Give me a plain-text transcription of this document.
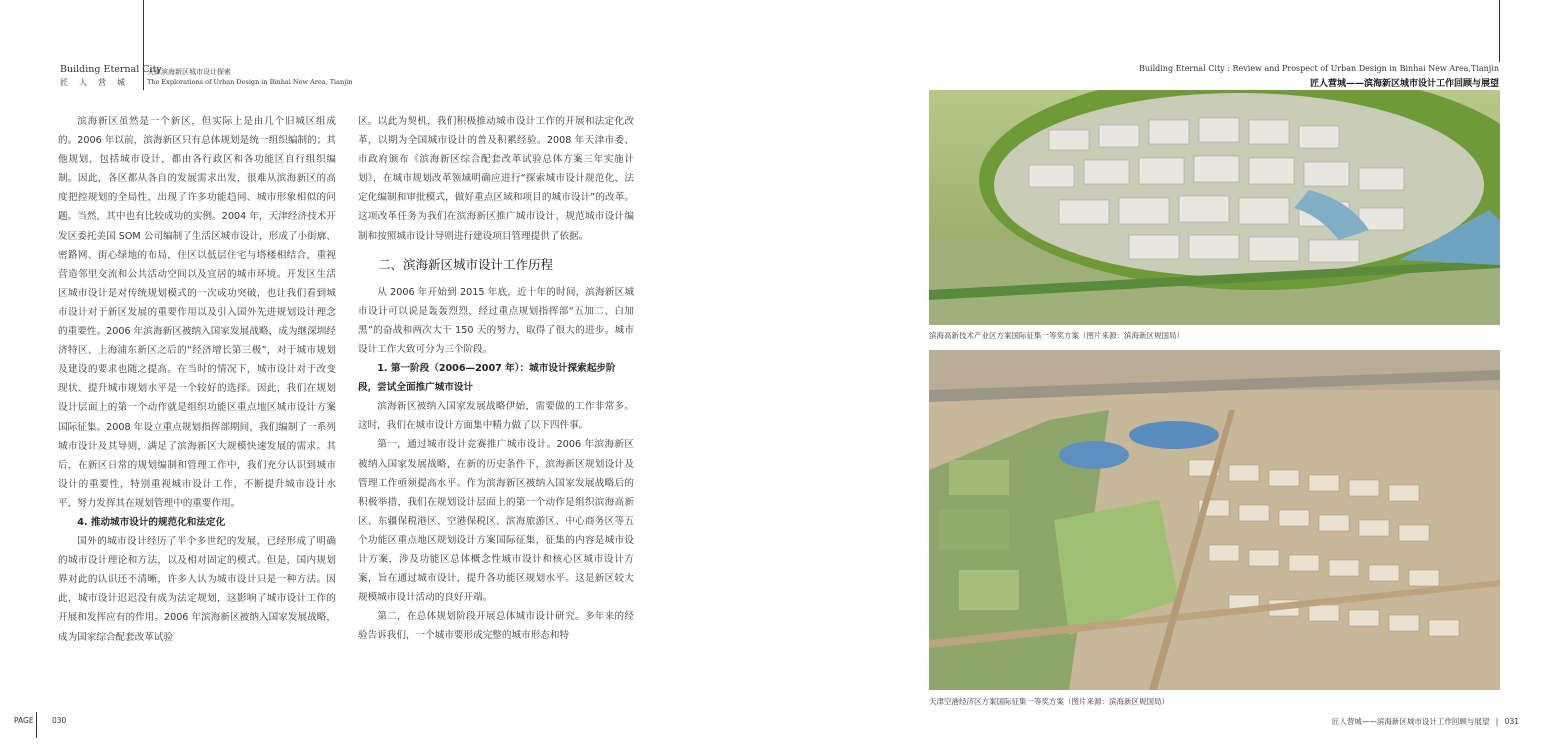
Building Eternal City
匠人营城
天津滨海新区城市设计探索
The Explorations of Urban Design in Binhai New Area, Tianjin
Building Eternal City : Review and Prospect of Urban Design in Binhai New Area,Tianjin
匠人营城——滨海新区城市设计工作回顾与展望

滨海新区虽然是一个新区，但实际上是由几个旧城区组成的。2006 年以前，滨海新区只有总体规划是统一组织编制的；其他规划，包括城市设计，都由各行政区和各功能区自行组织编制。因此，各区都从各自的发展需求出发，很难从滨海新区的高度把控规划的全局性，出现了许多功能趋同、城市形象相似的问题。当然，其中也有比较成功的实例。2004 年，天津经济技术开发区委托美国 SOM 公司编制了生活区城市设计，形成了小街廓、密路网、街心绿地的布局，住区以低层住宅与塔楼相结合，重视营造邻里交流和公共活动空间以及宜居的城市环境。开发区生活区城市设计是对传统规划模式的一次成功突破，也让我们看到城市设计对于新区发展的重要作用以及引入国外先进规划设计理念的重要性。2006 年滨海新区被纳入国家发展战略，成为继深圳经济特区、上海浦东新区之后的“经济增长第三极”，对于城市规划及建设的要求也随之提高。在当时的情况下，城市设计对于改变现状、提升城市规划水平是一个较好的选择。因此，我们在规划设计层面上的第一个动作就是组织功能区重点地区城市设计方案国际征集。2008 年设立重点规划指挥部期间，我们编制了一系列城市设计及其导则，满足了滨海新区大规模快速发展的需求。其后，在新区日常的规划编制和管理工作中，我们充分认识到城市设计的重要性，特别重视城市设计工作，不断提升城市设计水平，努力发挥其在规划管理中的重要作用。

4. 推动城市设计的规范化和法定化

国外的城市设计经历了半个多世纪的发展，已经形成了明确的城市设计理论和方法，以及相对固定的模式。但是，国内规划界对此的认识还不清晰，许多人认为城市设计只是一种方法。因此，城市设计迟迟没有成为法定规划，这影响了城市设计工作的开展和发挥应有的作用。2006 年滨海新区被纳入国家发展战略，成为国家综合配套改革试验

区。以此为契机，我们积极推动城市设计工作的开展和法定化改革，以期为全国城市设计的普及积累经验。2008 年天津市委、市政府颁布《滨海新区综合配套改革试验总体方案三年实施计划》，在城市规划改革领域明确应进行“探索城市设计规范化、法定化编制和审批模式，做好重点区域和项目的城市设计”的改革。这项改革任务为我们在滨海新区推广城市设计、规范城市设计编制和按照城市设计导则进行建设项目管理提供了依据。

二、滨海新区城市设计工作历程

从 2006 年开始到 2015 年底，近十年的时间，滨海新区城市设计可以说是轰轰烈烈，经过重点规划指挥部“五加二、白加黑”的奋战和两次大干 150 天的努力，取得了很大的进步。城市设计工作大致可分为三个阶段。

1. 第一阶段（2006—2007 年）：城市设计探索起步阶段，尝试全面推广城市设计

滨海新区被纳入国家发展战略伊始，需要做的工作非常多。这时，我们在城市设计方面集中精力做了以下四件事。

第一，通过城市设计竞赛推广城市设计。2006 年滨海新区被纳入国家发展战略，在新的历史条件下，滨海新区规划设计及管理工作亟须提高水平。作为滨海新区被纳入国家发展战略后的积极举措，我们在规划设计层面上的第一个动作是组织滨海高新区、东疆保税港区、空港保税区、滨海旅游区、中心商务区等五个功能区重点地区规划设计方案国际征集，征集的内容是城市设计方案，涉及功能区总体概念性城市设计和核心区城市设计方案，旨在通过城市设计，提升各功能区规划水平。这是新区较大规模城市设计活动的良好开端。

第二，在总体规划阶段开展总体城市设计研究。多年来的经验告诉我们，一个城市要形成完整的城市形态和特

滨海高新技术产业区方案国际征集一等奖方案（图片来源：滨海新区规国局）
天津空港经济区方案国际征集一等奖方案（图片来源：滨海新区规国局）
PAGE 030	匠人营城——滨海新区城市设计工作回顾与展望 | 031
